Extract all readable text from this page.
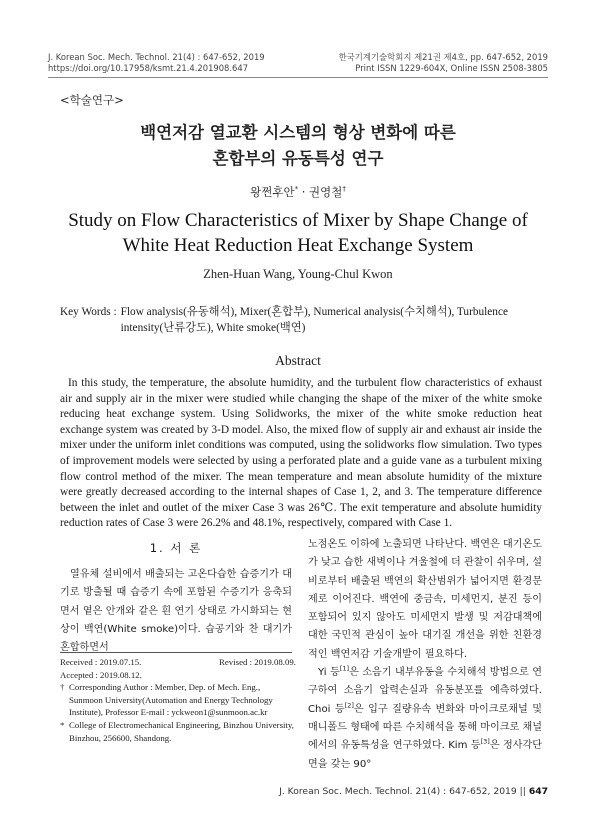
J. Korean Soc. Mech. Technol. 21(4) : 647-652, 2019
https://doi.org/10.17958/ksmt.21.4.201908.647
한국기계기술학회지 제21권 제4호, pp. 647-652, 2019
Print ISSN 1229-604X, Online ISSN 2508-3805
<학술연구>
백연저감 열교환 시스템의 형상 변화에 따른
혼합부의 유동특성 연구
왕쩐후안* · 권영철†
Study on Flow Characteristics of Mixer by Shape Change of
White Heat Reduction Heat Exchange System
Zhen-Huan Wang, Young-Chul Kwon
Key Words : Flow analysis(유동해석), Mixer(혼합부), Numerical analysis(수치해석), Turbulence intensity(난류강도), White smoke(백연)
Abstract
In this study, the temperature, the absolute humidity, and the turbulent flow characteristics of exhaust air and supply air in the mixer were studied while changing the shape of the mixer of the white smoke reducing heat exchange system. Using Solidworks, the mixer of the white smoke reduction heat exchange system was created by 3-D model. Also, the mixed flow of supply air and exhaust air inside the mixer under the uniform inlet conditions was computed, using the solidworks flow simulation. Two types of improvement models were selected by using a perforated plate and a guide vane as a turbulent mixing flow control method of the mixer. The mean temperature and mean absolute humidity of the mixture were greatly decreased according to the internal shapes of Case 1, 2, and 3. The temperature difference between the inlet and outlet of the mixer Case 3 was 26℃. The exit temperature and absolute humidity reduction rates of Case 3 were 26.2% and 48.1%, respectively, compared with Case 1.
1. 서 론
열유체 설비에서 배출되는 고온다습한 습증기가 대기로 방출될 때 습증기 속에 포함된 수증기가 응축되면서 옅은 안개와 같은 흰 연기 상태로 가시화되는 현상이 백연(White smoke)이다. 습공기와 찬 대기가 혼합하면서
Received : 2019.07.15.	Revised : 2019.08.09.
Accepted : 2019.08.12.
† Corresponding Author : Member, Dep. of Mech. Eng., Sunmoon University(Automation and Energy Technology Institute), Professor E-mail : yckweon1@sunmoon.ac.kr
* College of Electromechanical Engineering, Binzhou University, Binzhou, 256600, Shandong.

노점온도 이하에 노출되면 나타난다. 백연은 대기온도가 낮고 습한 새벽이나 겨울철에 더 관찰이 쉬우며, 설비로부터 배출된 백연의 확산범위가 넓어지면 환경문제로 이어진다. 백연에 중금속, 미세먼지, 분진 등이 포함되어 있지 않아도 미세먼지 발생 및 저감대책에 대한 국민적 관심이 높아 대기질 개선을 위한 친환경적인 백연저감 기술개발이 필요하다.

Yi 등[1]은 소음기 내부유동을 수치해석 방법으로 연구하여 소음기 압력손실과 유동분포를 예측하였다. Choi 등[2]은 입구 질량유속 변화와 마이크로채널 및 매니폴드 형태에 따른 수치해석을 통해 마이크로 채널에서의 유동특성을 연구하였다. Kim 등[3]은 정사각단면을 갖는 90°

J. Korean Soc. Mech. Technol. 21(4) : 647-652, 2019 || 647
